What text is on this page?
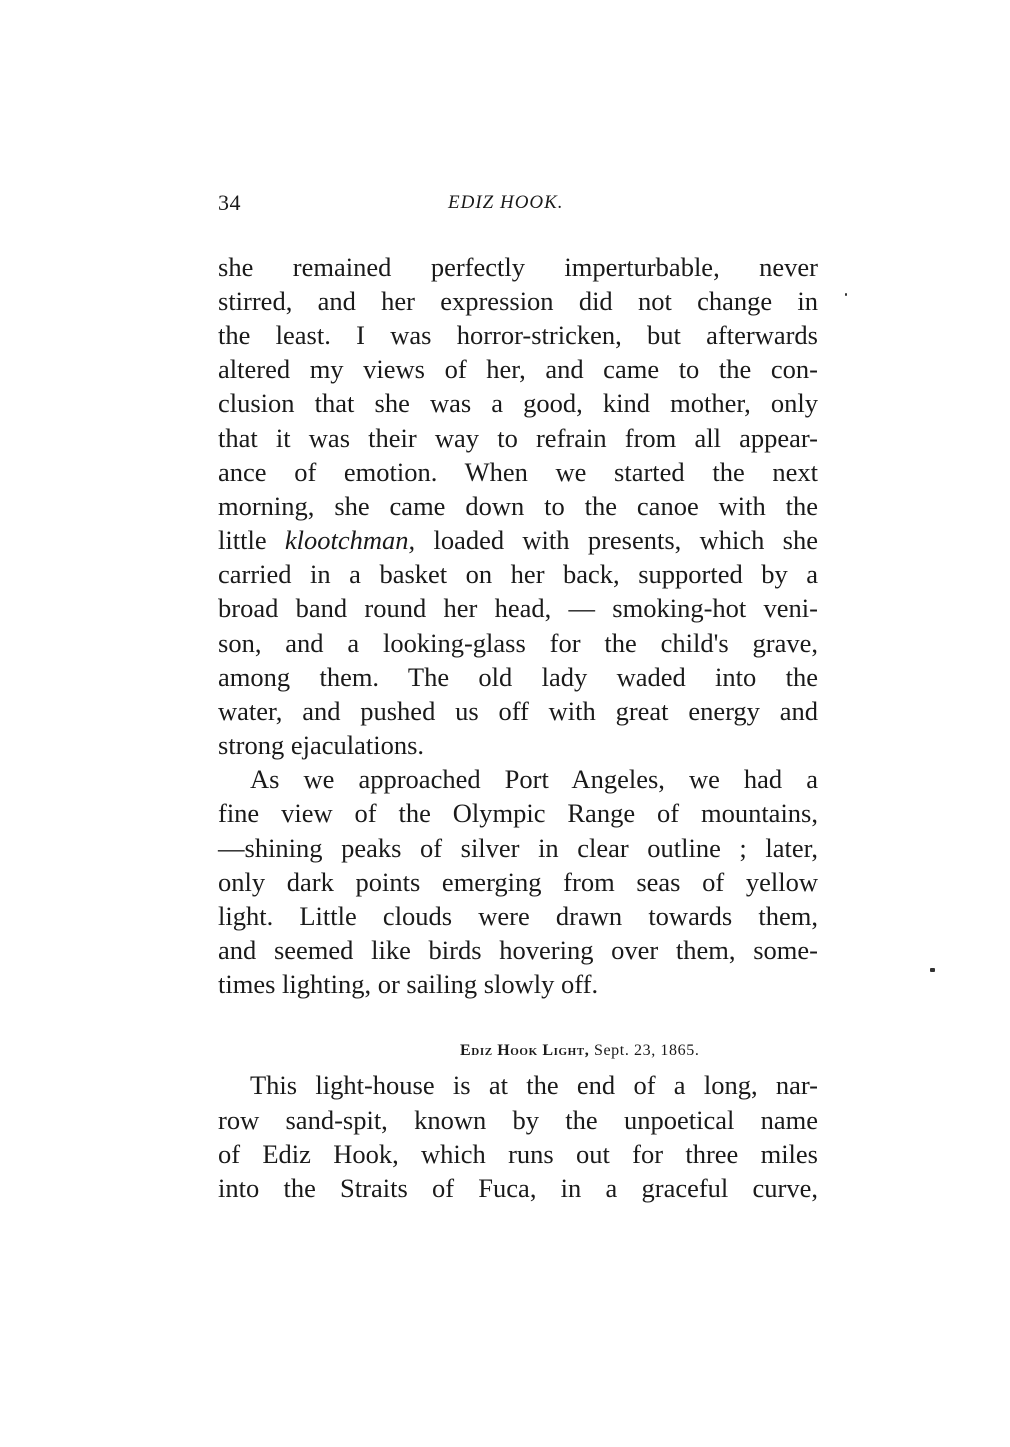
34	EDIZ HOOK.
she remained perfectly imperturbable, never
stirred, and her expression did not change in
the least. I was horror-stricken, but afterwards
altered my views of her, and came to the con-
clusion that she was a good, kind mother, only
that it was their way to refrain from all appear-
ance of emotion. When we started the next
morning, she came down to the canoe with the
little klootchman, loaded with presents, which she
carried in a basket on her back, supported by a
broad band round her head, — smoking-hot veni-
son, and a looking-glass for the child's grave,
among them. The old lady waded into the
water, and pushed us off with great energy and
strong ejaculations.
As we approached Port Angeles, we had a
fine view of the Olympic Range of mountains,
—shining peaks of silver in clear outline ; later,
only dark points emerging from seas of yellow
light. Little clouds were drawn towards them,
and seemed like birds hovering over them, some-
times lighting, or sailing slowly off.
Ediz Hook Light, Sept. 23, 1865.
This light-house is at the end of a long, nar-
row sand-spit, known by the unpoetical name
of Ediz Hook, which runs out for three miles
into the Straits of Fuca, in a graceful curve,
